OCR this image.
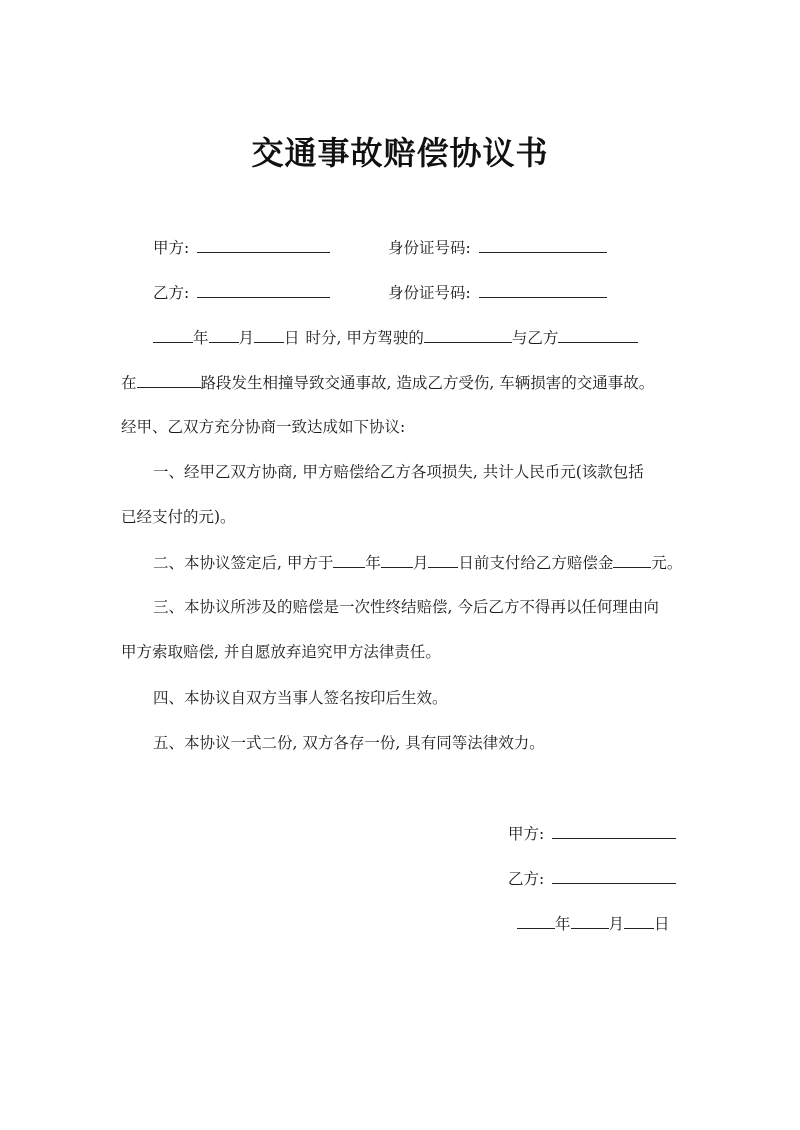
交通事故赔偿协议书
甲方:	身份证号码:
乙方:	身份证号码:
年 月 日 时分, 甲方驾驶的	与乙方
在	路段发生相撞导致交通事故, 造成乙方受伤, 车辆损害的交通事故。
经甲、乙双方充分协商一致达成如下协议:
一、经甲乙双方协商, 甲方赔偿给乙方各项损失, 共计人民币元(该款包括
已经支付的元)。
二、本协议签定后, 甲方于 年 月 日前支付给乙方赔偿金 元。
三、本协议所涉及的赔偿是一次性终结赔偿, 今后乙方不得再以任何理由向
甲方索取赔偿, 并自愿放弃追究甲方法律责任。
四、本协议自双方当事人签名按印后生效。
五、本协议一式二份, 双方各存一份, 具有同等法律效力。
甲方:
乙方:
年 月 日
